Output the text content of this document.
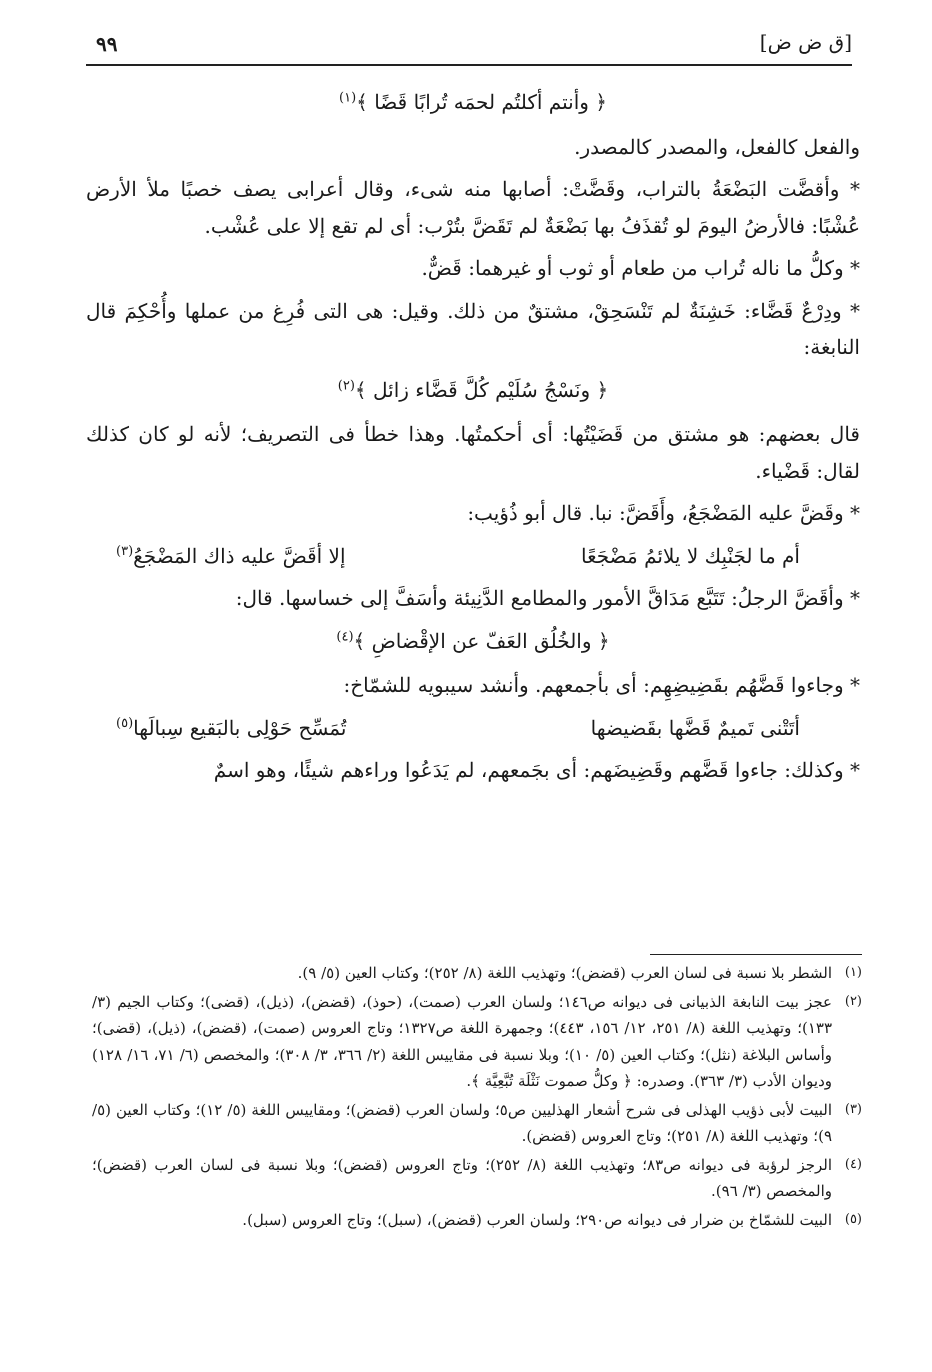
[ق ض ض]
٩٩

﴿ وأنتم أكلتُم لحمَه تُرابًا قَضًا ﴾$^{(١)}$

والفعل كالفعل، والمصدر كالمصدر.

* وأقضَّت البَضْعَةُ بالتراب، وقَضَّتْ: أصابها منه شىء، وقال أعرابى يصف خصبًا ملأ الأرض عُشْبًا: فالأرضُ اليومَ لو تُقذَفُ بها بَضْعَةٌ لم تَقَضَّ بتُرْب: أى لم تقع إلا على عُشْب.

* وكلُّ ما ناله تُراب من طعام أو ثوب أو غيرهما: قَضٌّ.

* ودِرْعٌ قَضَّاء: خَشِنَةٌ لم تَنْسَحِقْ، مشتقٌ من ذلك. وقيل: هى التى فُرِغ من عملها وأُحْكِمَ قال النابغة:

﴿ ونَسْجُ سُلَيْم كُلَّ قَضَّاء زائل ﴾$^{(٢)}$

قال بعضهم: هو مشتق من قَضَيْتُها: أى أحكمتُها. وهذا خطأ فى التصريف؛ لأنه لو كان كذلك لقال: قَضْياء.

* وقَضَّ عليه المَضْجَعُ، وأَقَضَّ: نبا. قال أبو ذُؤيب:

أم ما لجَنْبِك لا يلائمُ مَضْجَعًا
إلا أقَضَّ عليه ذاك المَضْجَعُ(٣)

* وأقَضَّ الرجلُ: تَتَبَّع مَدَاقَّ الأمور والمطامع الدَّنِيئة وأسَفَّ إلى خساسها. قال:

﴿ والخُلُق العَفّ عن الإقْضاضِ ﴾$^{(٤)}$

* وجاءوا قَضَّهُم بقَضِيضِهِم: أى بأجمعهم. وأنشد سيبويه للشمّاخ:

أتَتْنى تَميمٌ قَضَّها بقَضيضها
تُمَسِّح حَوْلِى بالبَقيع سِبالَها(٥)

* وكذلك: جاءوا قَضَّهم وقَضِيضَهم: أى بجَمعهم، لم يَدَعُوا وراءهم شيئًا، وهو اسمٌ

(١)
الشطر بلا نسبة فى لسان العرب (قضض)؛ وتهذيب اللغة (٨/ ٢٥٢)؛ وكتاب العين (٥/ ٩).
(٢)
عجز بيت النابغة الذبيانى فى ديوانه ص١٤٦؛ ولسان العرب (صمت)، (حوذ)، (قضض)، (ذيل)، (قضى)؛ وكتاب الجيم (٣/ ١٣٣)؛ وتهذيب اللغة (٨/ ٢٥١، ١٢/ ١٥٦، ٤٤٣)؛ وجمهرة اللغة ص١٣٢٧؛ وتاج العروس (صمت)، (قضض)، (ذيل)، (قضى)؛ وأساس البلاغة (نثل)؛ وكتاب العين (٥/ ١٠)؛ وبلا نسبة فى مقاييس اللغة (٢/ ٣٦٦، ٣/ ٣٠٨)؛ والمخصص (٦/ ٧١، ١٦/ ١٢٨) وديوان الأدب (٣/ ٣٦٣). وصدره: ﴿ وكلُّ صموت نَثْلَة تُبَّعِيَّة ﴾.
(٣)
البيت لأبى ذؤيب الهذلى فى شرح أشعار الهذليين ص٥؛ ولسان العرب (قضض)؛ ومقاييس اللغة (٥/ ١٢)؛ وكتاب العين (٥/ ٩)؛ وتهذيب اللغة (٨/ ٢٥١)؛ وتاج العروس (قضض).
(٤)
الرجز لرؤبة فى ديوانه ص٨٣؛ وتهذيب اللغة (٨/ ٢٥٢)؛ وتاج العروس (قضض)؛ وبلا نسبة فى لسان العرب (قضض)؛ والمخصص (٣/ ٩٦).
(٥)
البيت للشمّاخ بن ضرار فى ديوانه ص٢٩٠؛ ولسان العرب (قضض)، (سبل)؛ وتاج العروس (سبل).
